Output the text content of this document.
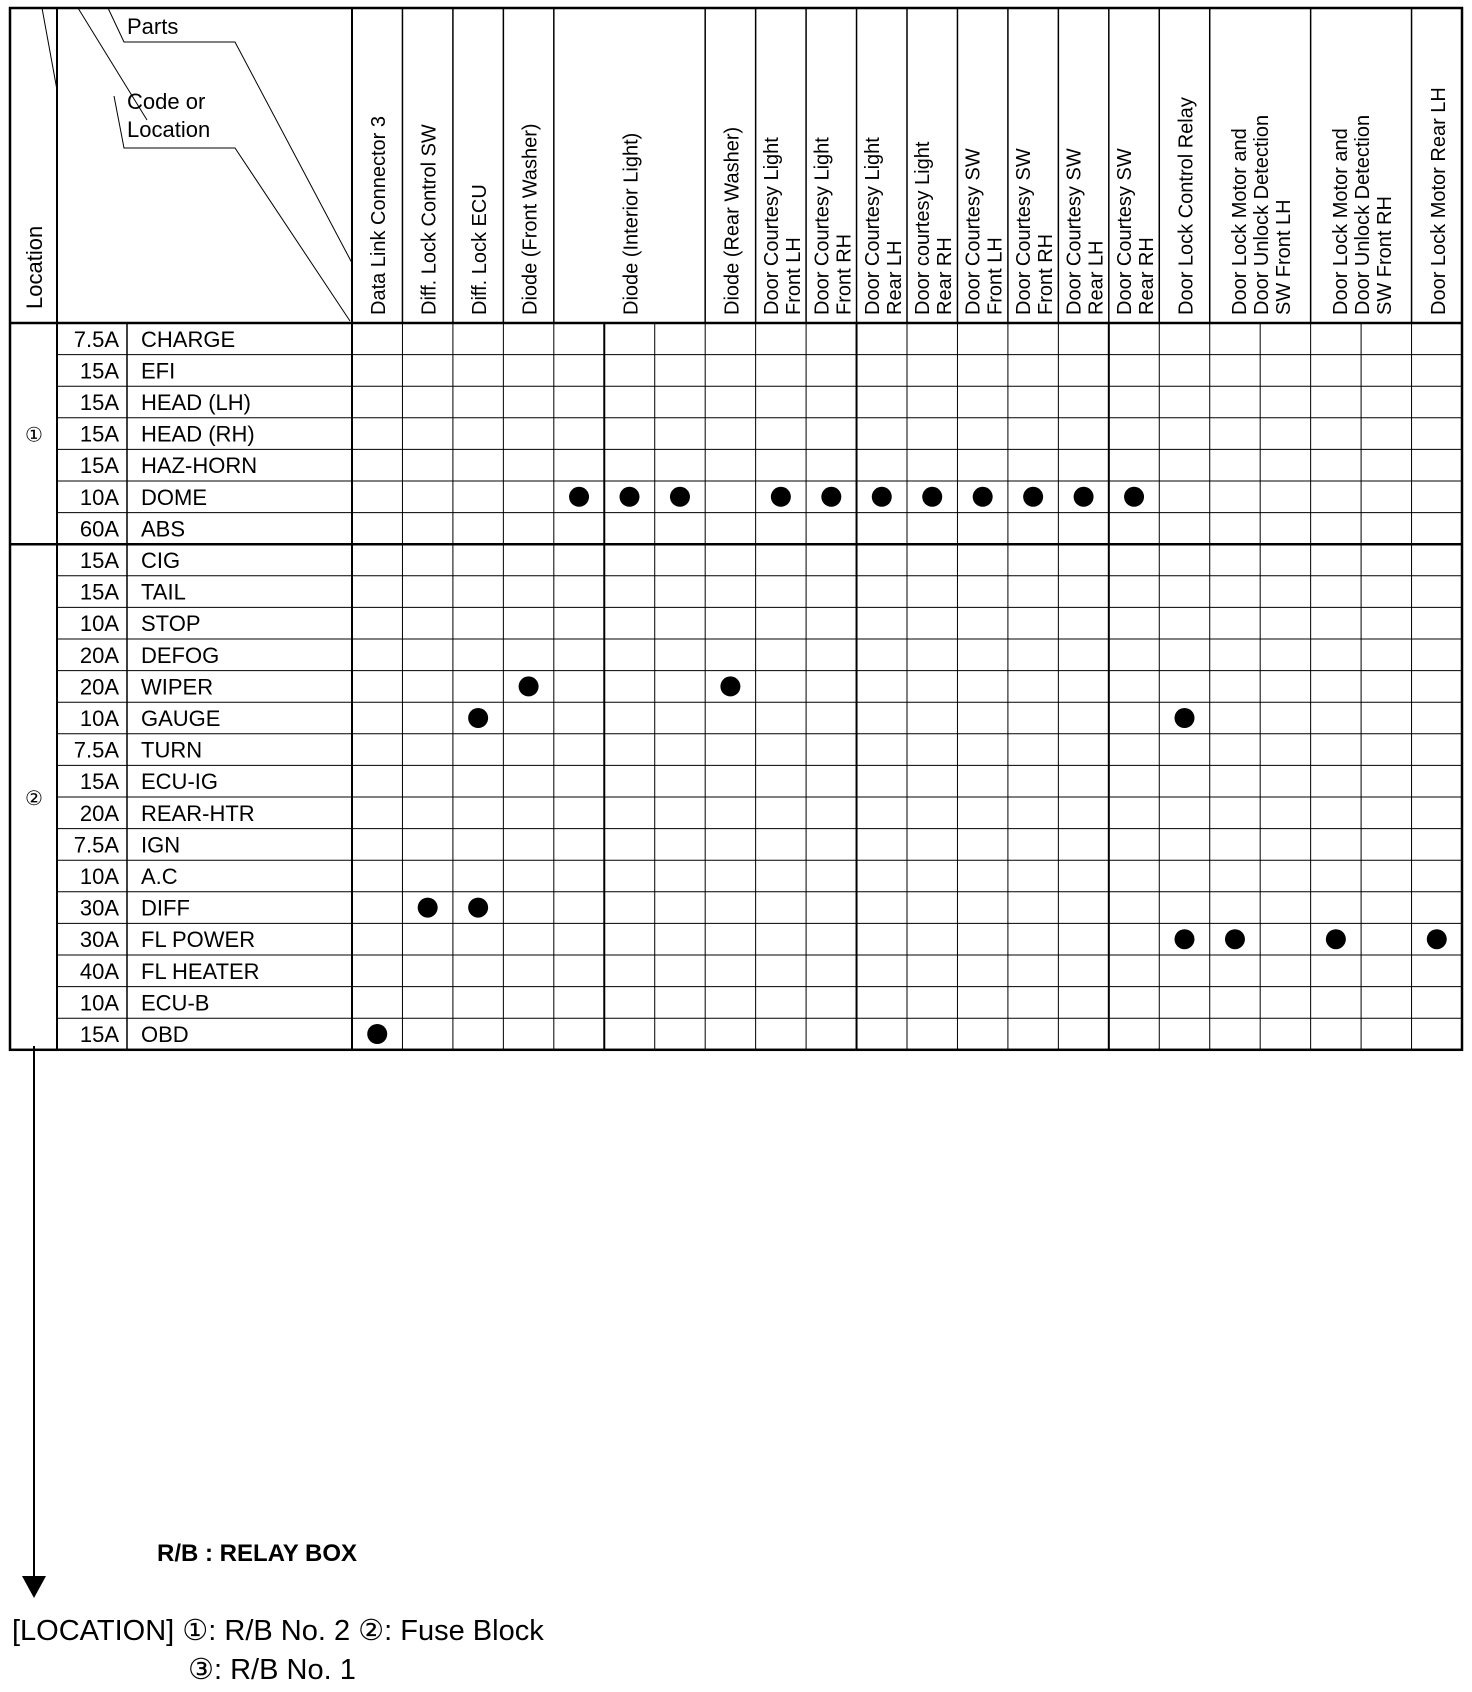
Data Link Connector 3 Diff. Lock Control SW Diff. Lock ECU Diode (Front Washer)	Diode (Interior Light)	Diode (Rear Washer) Door Courtesy Light Front LH Door Courtesy Light Front RH Door Courtesy Light Rear LH Door courtesy Light Rear RH Door Courtesy SW Front LH Door Courtesy SW Front RH Door Courtesy SW Rear LH Door Courtesy SW Rear RH Door Lock Control Relay Door Lock Motor and Door Unlock Detection SW Front LH Door Lock Motor and Door Unlock Detection SW Front RH Door Lock Motor Rear LH
Parts
Code or
Location
Location
①
②
7.5A CHARGE
15A EFI
15A HEAD (LH)
15A HEAD (RH)
15A HAZ-HORN
10A DOME
60A ABS
15A CIG
15A TAIL
10A STOP
20A DEFOG
20A WIPER
10A GAUGE
7.5A TURN
15A ECU-IG
20A REAR-HTR
7.5A IGN
10A A.C
30A DIFF
30A FL POWER
40A FL HEATER
10A ECU-B
15A OBD
R/B : RELAY BOX
[LOCATION] ①: R/B No. 2 ②: Fuse Block
③: R/B No. 1
